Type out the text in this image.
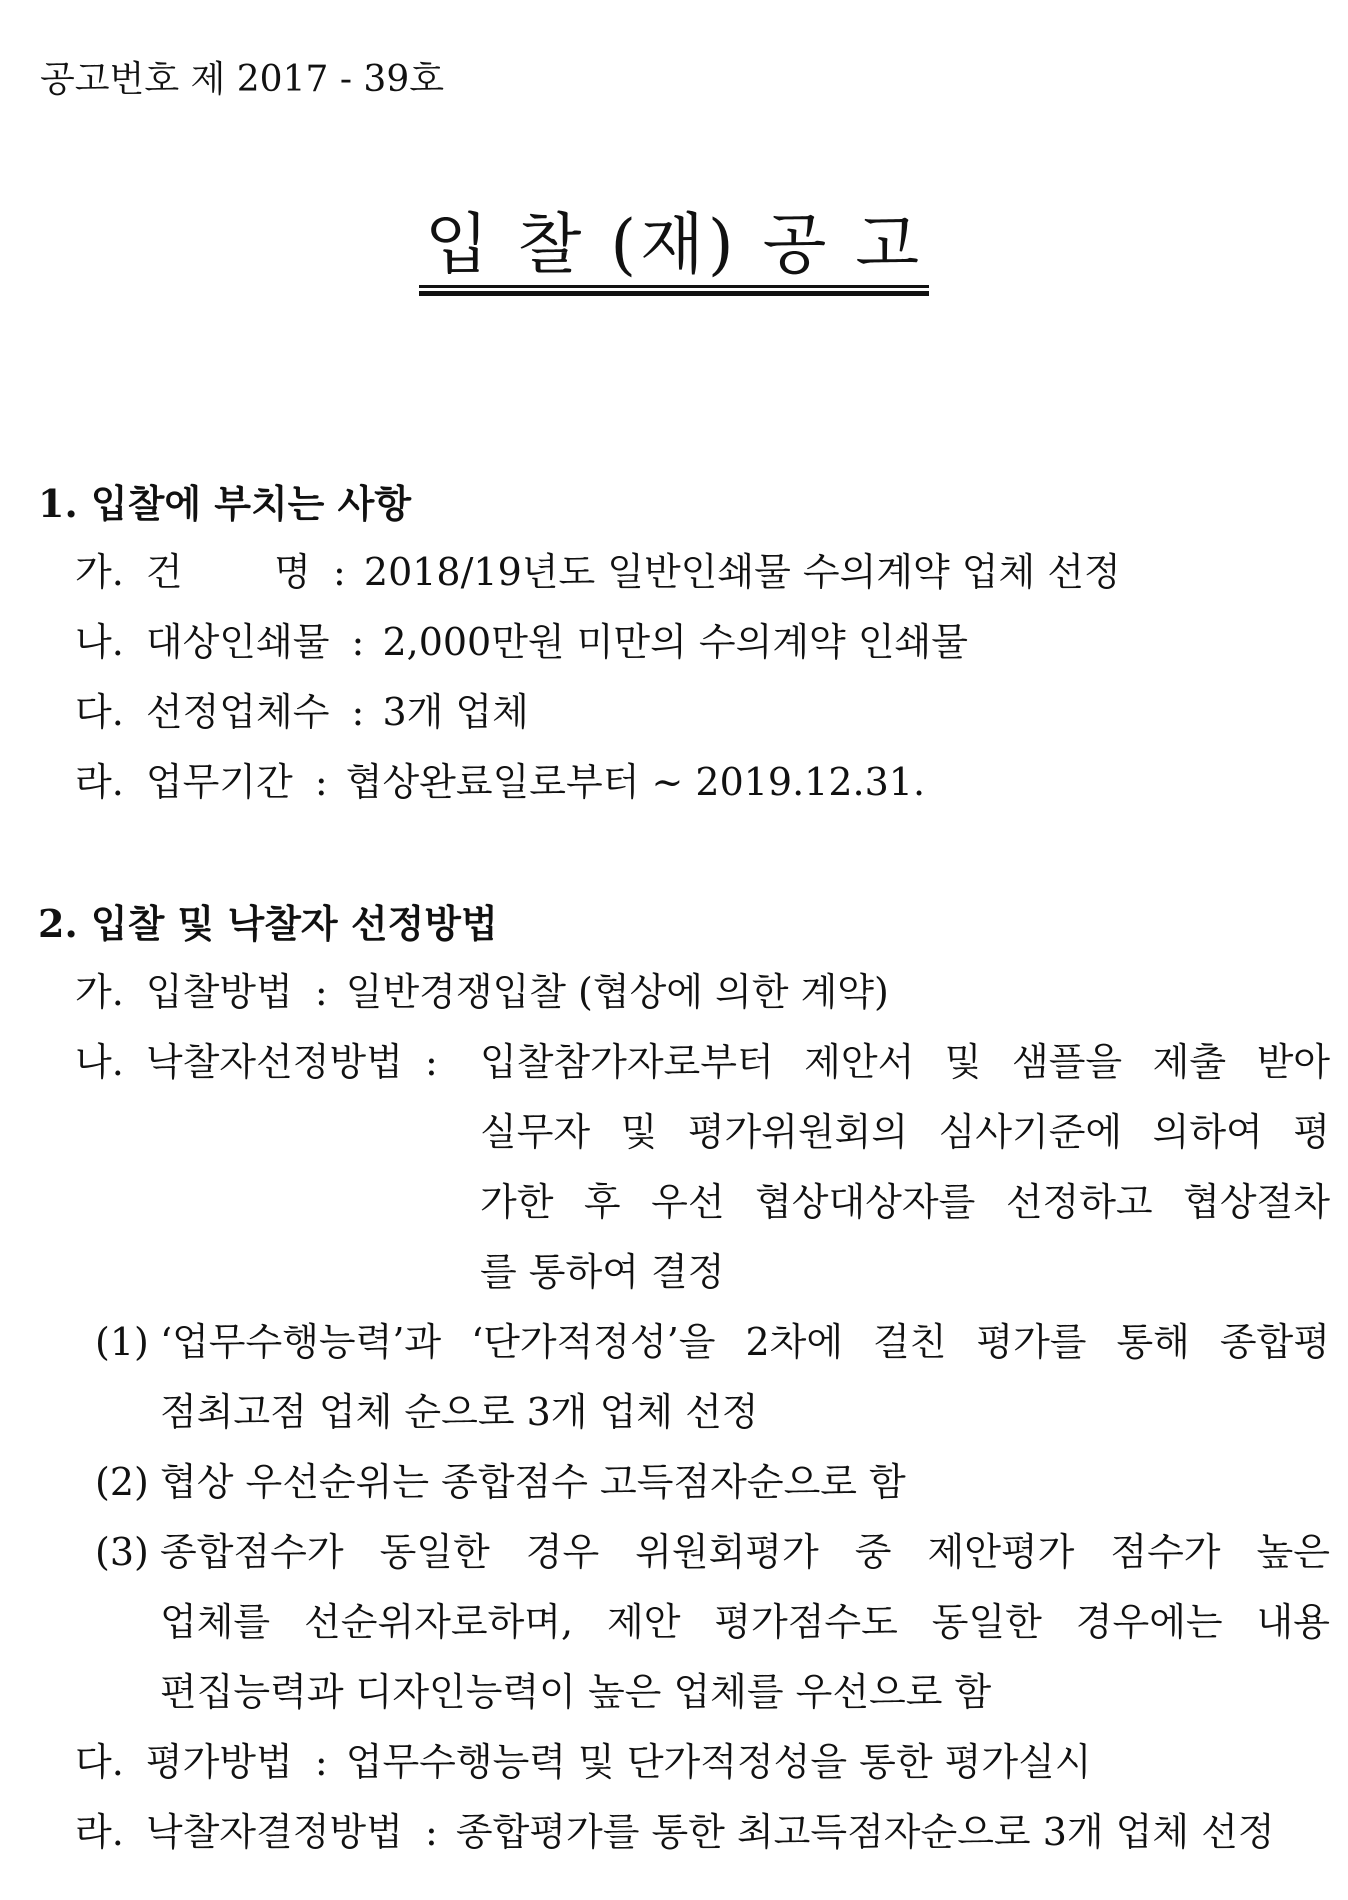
공고번호 제 2017 - 39호
입 찰 (재) 공 고
1. 입찰에 부치는 사항
가. 건 명 : 2018/19년도 일반인쇄물 수의계약 업체 선정
나. 대상인쇄물 : 2,000만원 미만의 수의계약 인쇄물
다. 선정업체수 : 3개 업체
라. 업무기간 : 협상완료일로부터 ~ 2019.12.31.
2. 입찰 및 낙찰자 선정방법
가. 입찰방법 : 일반경쟁입찰 (협상에 의한 계약)
나. 낙찰자선정방법 : 입찰참가자로부터 제안서 및 샘플을 제출 받아
실무자 및 평가위원회의 심사기준에 의하여 평
가한 후 우선 협상대상자를 선정하고 협상절차
를 통하여 결정
(1) ‘업무수행능력’과 ‘단가적정성’을 2차에 걸친 평가를 통해 종합평
점최고점 업체 순으로 3개 업체 선정
(2) 협상 우선순위는 종합점수 고득점자순으로 함
(3) 종합점수가 동일한 경우 위원회평가 중 제안평가 점수가 높은
업체를 선순위자로하며, 제안 평가점수도 동일한 경우에는 내용
편집능력과 디자인능력이 높은 업체를 우선으로 함
다. 평가방법 : 업무수행능력 및 단가적정성을 통한 평가실시
라. 낙찰자결정방법 : 종합평가를 통한 최고득점자순으로 3개 업체 선정
